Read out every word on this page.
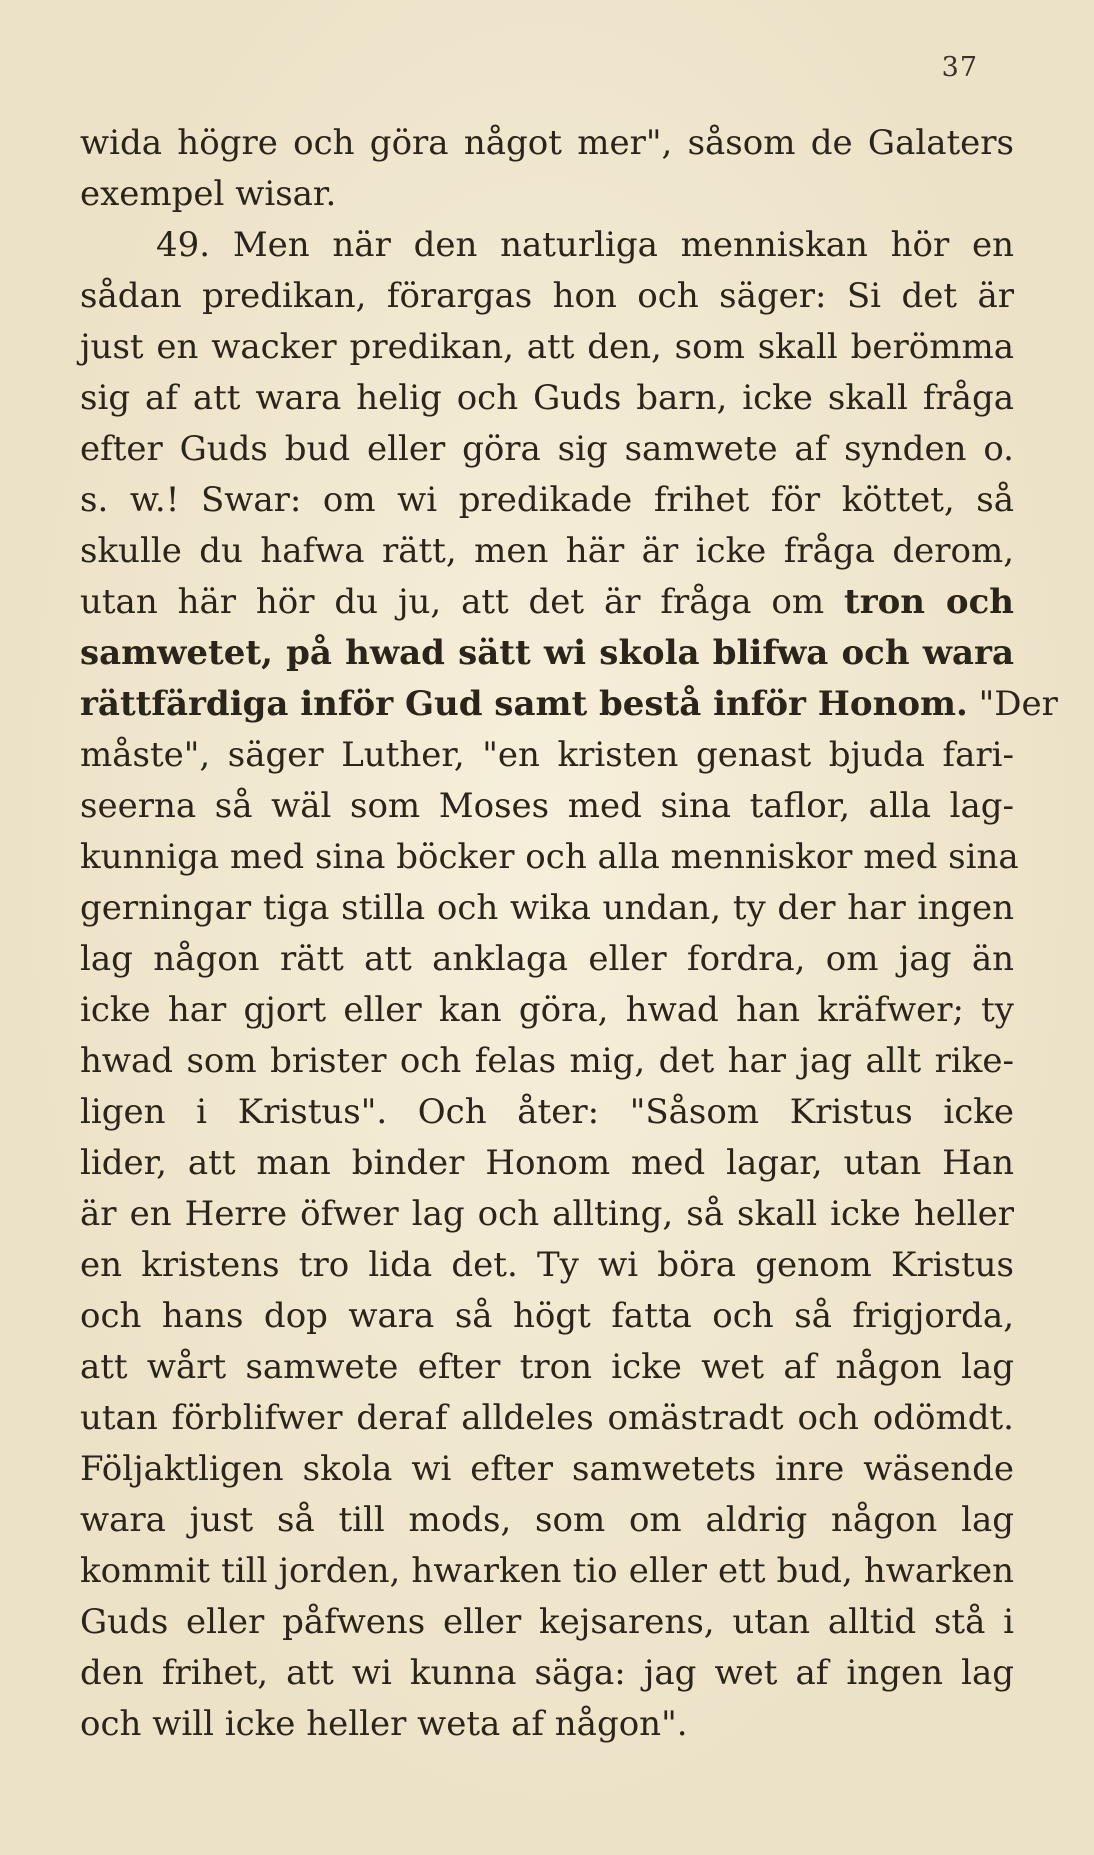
37
wida högre och göra något mer", såsom de Galaters
exempel wisar.
49. Men när den naturliga menniskan hör en
sådan predikan, förargas hon och säger: Si det är
just en wacker predikan, att den, som skall berömma
sig af att wara helig och Guds barn, icke skall fråga
efter Guds bud eller göra sig samwete af synden o.
s. w.! Swar: om wi predikade frihet för köttet, så
skulle du hafwa rätt, men här är icke fråga derom,
utan här hör du ju, att det är fråga om tron och
samwetet, på hwad sätt wi skola blifwa och wara
rättfärdiga inför Gud samt bestå inför Honom. "Der
måste", säger Luther, "en kristen genast bjuda fari-
seerna så wäl som Moses med sina taflor, alla lag-
kunniga med sina böcker och alla menniskor med sina
gerningar tiga stilla och wika undan, ty der har ingen
lag någon rätt att anklaga eller fordra, om jag än
icke har gjort eller kan göra, hwad han kräfwer; ty
hwad som brister och felas mig, det har jag allt rike-
ligen i Kristus". Och åter: "Såsom Kristus icke
lider, att man binder Honom med lagar, utan Han
är en Herre öfwer lag och allting, så skall icke heller
en kristens tro lida det. Ty wi böra genom Kristus
och hans dop wara så högt fatta och så frigjorda,
att wårt samwete efter tron icke wet af någon lag
utan förblifwer deraf alldeles omästradt och odömdt.
Följaktligen skola wi efter samwetets inre wäsende
wara just så till mods, som om aldrig någon lag
kommit till jorden, hwarken tio eller ett bud, hwarken
Guds eller påfwens eller kejsarens, utan alltid stå i
den frihet, att wi kunna säga: jag wet af ingen lag
och will icke heller weta af någon".
